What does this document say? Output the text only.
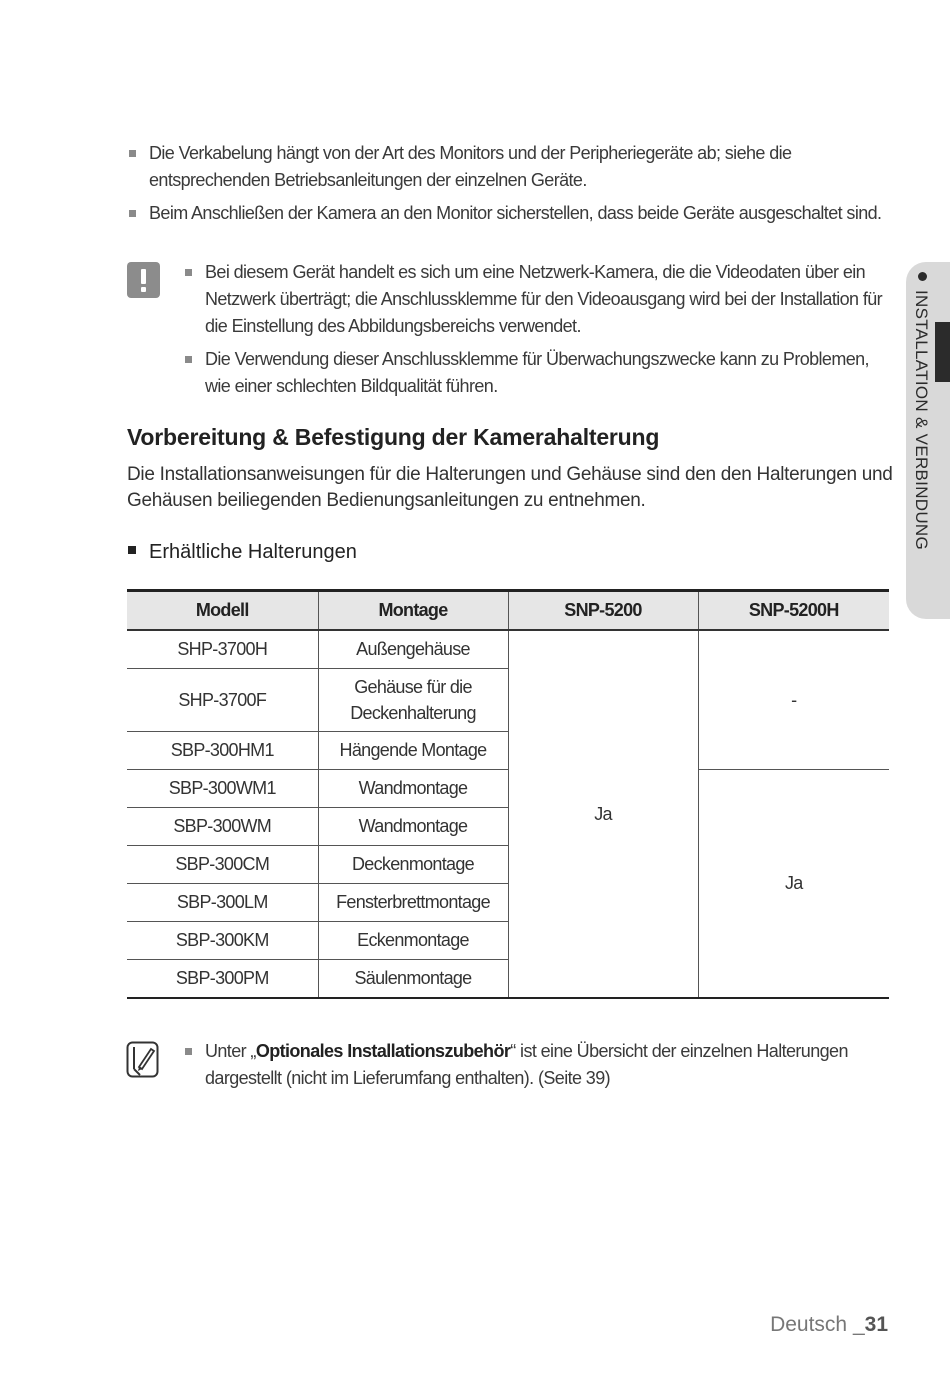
Die Verkabelung hängt von der Art des Monitors und der Peripheriegeräte ab; siehe die entsprechenden Betriebsanleitungen der einzelnen Geräte.
Beim Anschließen der Kamera an den Monitor sicherstellen, dass beide Geräte ausgeschaltet sind.
Bei diesem Gerät handelt es sich um eine Netzwerk-Kamera, die die Videodaten über ein Netzwerk überträgt; die Anschlussklemme für den Videoausgang wird bei der Installation für die Einstellung des Abbildungsbereichs verwendet.
Die Verwendung dieser Anschlussklemme für Überwachungszwecke kann zu Problemen, wie einer schlechten Bildqualität führen.
Vorbereitung & Befestigung der Kamerahalterung
Die Installationsanweisungen für die Halterungen und Gehäuse sind den den Halterungen und Gehäusen beiliegenden Bedienungsanleitungen zu entnehmen.
Erhältliche Halterungen
Modell	Montage	SNP-5200	SNP-5200H
SHP-3700H	Außengehäuse	Ja	-
SHP-3700F	Gehäuse für die Deckenhalterung		
SBP-300HM1	Hängende Montage		
SBP-300WM1	Wandmontage		Ja
SBP-300WM	Wandmontage		
SBP-300CM	Deckenmontage		
SBP-300LM	Fensterbrettmontage		
SBP-300KM	Eckenmontage		
SBP-300PM	Säulenmontage		
Unter „Optionales Installationszubehör“ ist eine Übersicht der einzelnen Halterungen dargestellt (nicht im Lieferumfang enthalten). (Seite 39)
INSTALLATION & VERBINDUNG
Deutsch _31
